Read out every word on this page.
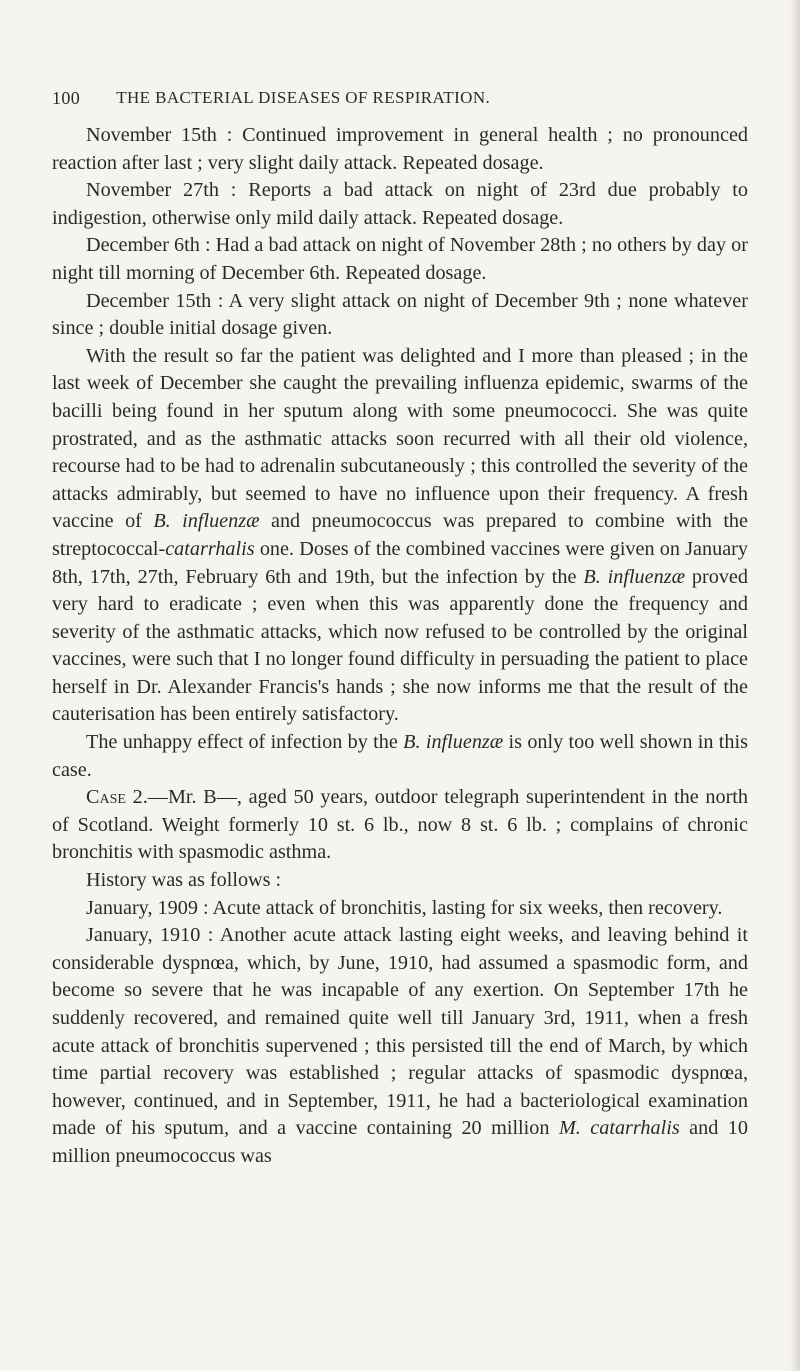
100 THE BACTERIAL DISEASES OF RESPIRATION.

November 15th : Continued improvement in general health ; no pronounced reaction after last ; very slight daily attack. Repeated dosage.

November 27th : Reports a bad attack on night of 23rd due probably to indigestion, otherwise only mild daily attack. Repeated dosage.

December 6th : Had a bad attack on night of November 28th ; no others by day or night till morning of December 6th. Repeated dosage.

December 15th : A very slight attack on night of December 9th ; none whatever since ; double initial dosage given.

With the result so far the patient was delighted and I more than pleased ; in the last week of December she caught the prevailing influenza epidemic, swarms of the bacilli being found in her sputum along with some pneumococci. She was quite prostrated, and as the asthmatic attacks soon recurred with all their old violence, recourse had to be had to adrenalin subcutaneously ; this controlled the severity of the attacks admirably, but seemed to have no influence upon their frequency. A fresh vaccine of B. influenzæ and pneumococcus was prepared to combine with the streptococcal-catarrhalis one. Doses of the combined vaccines were given on January 8th, 17th, 27th, February 6th and 19th, but the infection by the B. influenzæ proved very hard to eradicate ; even when this was apparently done the frequency and severity of the asthmatic attacks, which now refused to be controlled by the original vaccines, were such that I no longer found difficulty in persuading the patient to place herself in Dr. Alexander Francis's hands ; she now informs me that the result of the cauterisation has been entirely satisfactory.

The unhappy effect of infection by the B. influenzæ is only too well shown in this case.

Case 2.—Mr. B—, aged 50 years, outdoor telegraph superintendent in the north of Scotland. Weight formerly 10 st. 6 lb., now 8 st. 6 lb. ; complains of chronic bronchitis with spasmodic asthma.

History was as follows :

January, 1909 : Acute attack of bronchitis, lasting for six weeks, then recovery.

January, 1910 : Another acute attack lasting eight weeks, and leaving behind it considerable dyspnœa, which, by June, 1910, had assumed a spasmodic form, and become so severe that he was incapable of any exertion. On September 17th he suddenly recovered, and remained quite well till January 3rd, 1911, when a fresh acute attack of bronchitis supervened ; this persisted till the end of March, by which time partial recovery was established ; regular attacks of spasmodic dyspnœa, however, continued, and in September, 1911, he had a bacteriological examination made of his sputum, and a vaccine containing 20 million M. catarrhalis and 10 million pneumococcus was
